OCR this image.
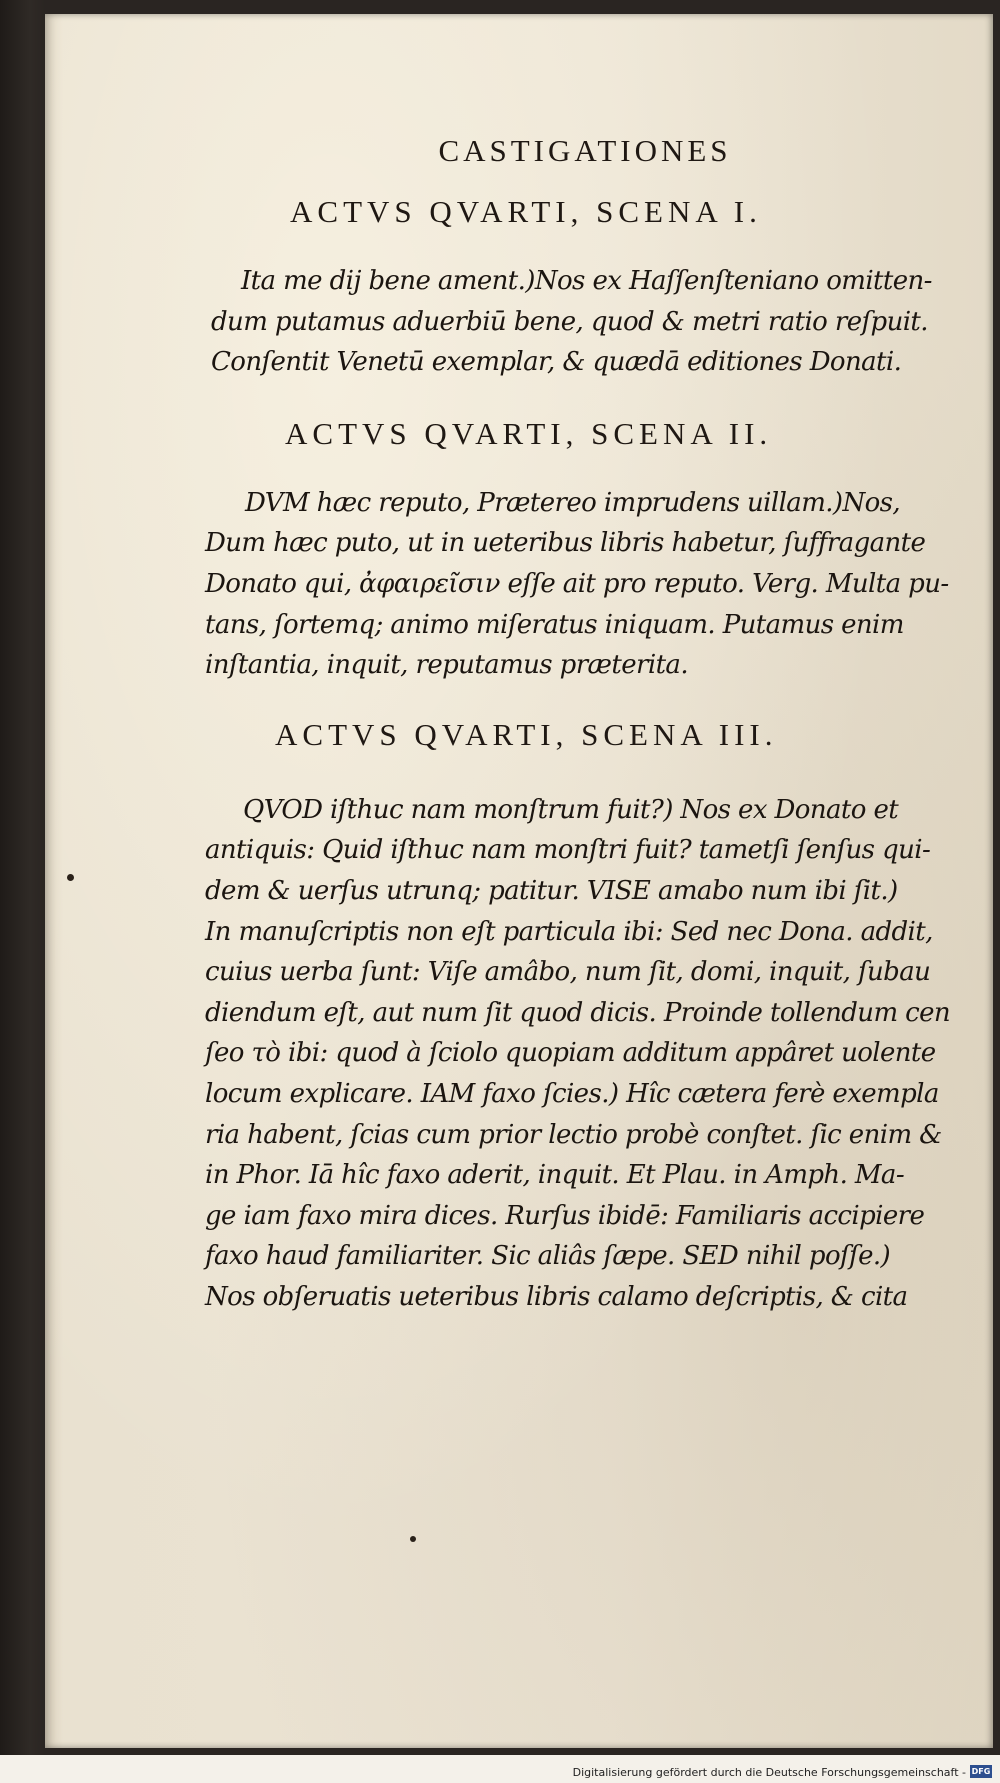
CASTIGATIONES
ACTVS QVARTI, SCENA I.
Ita me dij bene ament.)Nos ex Haſſenſteniano omitten-
dum putamus aduerbiū bene, quod & metri ratio reſpuit.
Conſentit Venetū exemplar, & quædā editiones Donati.
ACTVS QVARTI, SCENA II.
DVM hæc reputo, Prætereo imprudens uillam.)Nos,
Dum hæc puto, ut in ueteribus libris habetur, ſuffragante
Donato qui, ἀφαιρεῖσιν eſſe ait pro reputo. Verg. Multa pu-
tans, ſortemq; animo miſeratus iniquam. Putamus enim
inſtantia, inquit, reputamus præterita.
ACTVS QVARTI, SCENA III.
QVOD iſthuc nam monſtrum fuit?) Nos ex Donato et
antiquis: Quid iſthuc nam monſtri fuit? tametſi ſenſus qui-
dem & uerſus utrunq; patitur. VISE amabo num ibi ſit.)
In manuſcriptis non eſt particula ibi: Sed nec Dona. addit,
cuius uerba ſunt: Viſe amâbo, num ſit, domi, inquit, ſubau
diendum eſt, aut num ſit quod dicis. Proinde tollendum cen
ſeo τὸ ibi: quod à ſciolo quopiam additum appâret uolente
locum explicare. IAM faxo ſcies.) Hîc cætera ferè exempla
ria habent, ſcias cum prior lectio probè conſtet. ſic enim &
in Phor. Iā hîc faxo aderit, inquit. Et Plau. in Amph. Ma-
ge iam faxo mira dices. Rurſus ibidē: Familiaris accipiere
faxo haud familiariter. Sic aliâs ſæpe. SED nihil poſſe.)
Nos obſeruatis ueteribus libris calamo deſcriptis, & cita
Digitalisierung gefördert durch die Deutsche Forschungsgemeinschaft - DFG
